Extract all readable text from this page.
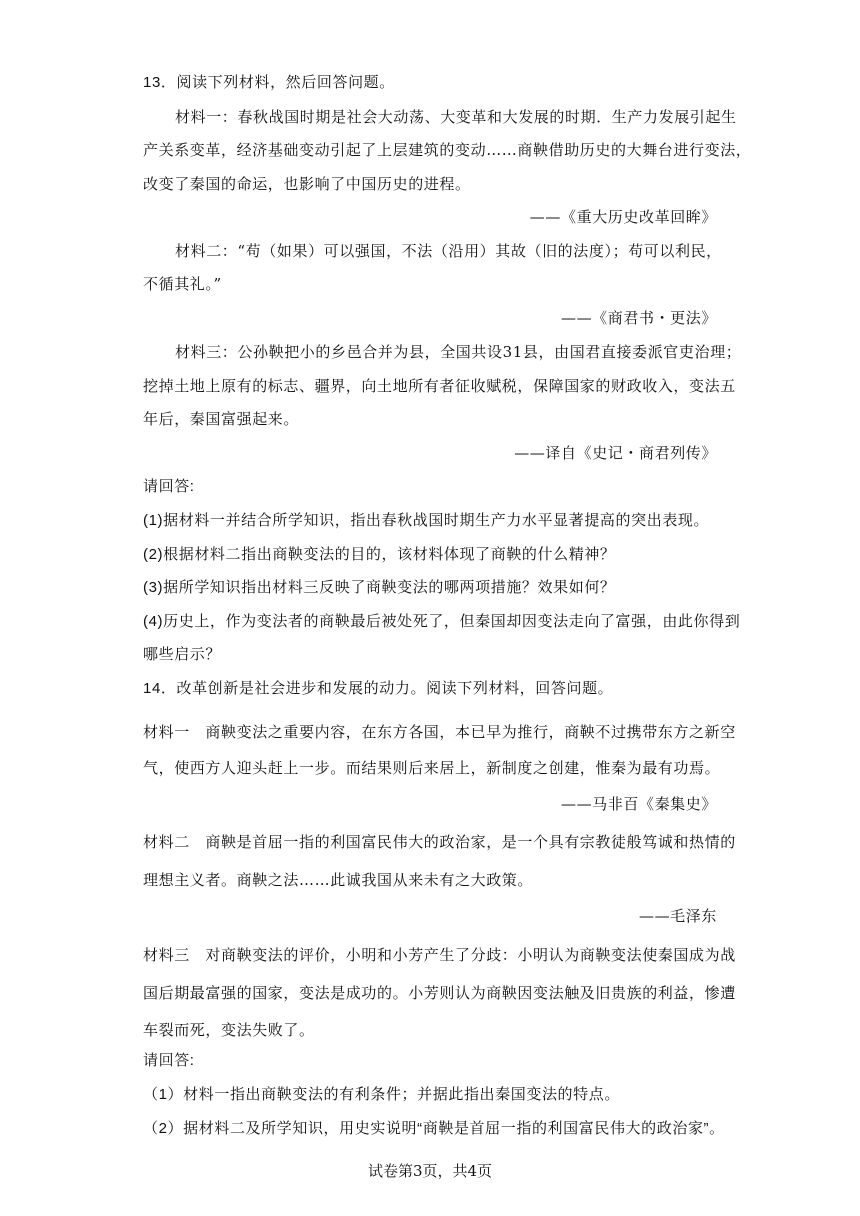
13．阅读下列材料，然后回答问题。
材料一：春秋战国时期是社会大动荡、大变革和大发展的时期．生产力发展引起生
产关系变革，经济基础变动引起了上层建筑的变动……商鞅借助历史的大舞台进行变法，
改变了秦国的命运，也影响了中国历史的进程。
——《重大历史改革回眸》
材料二：“苟（如果）可以强国，不法（沿用）其故（旧的法度）；苟可以利民，
不循其礼。”
——《商君书・更法》
材料三：公孙鞅把小的乡邑合并为县，全国共设31县，由国君直接委派官吏治理；
挖掉土地上原有的标志、疆界，向土地所有者征收赋税，保障国家的财政收入，变法五
年后，秦国富强起来。
——译自《史记・商君列传》
请回答:
(1)据材料一并结合所学知识，指出春秋战国时期生产力水平显著提高的突出表现。
(2)根据材料二指出商鞅变法的目的，该材料体现了商鞅的什么精神？
(3)据所学知识指出材料三反映了商鞅变法的哪两项措施？效果如何？
(4)历史上，作为变法者的商鞅最后被处死了，但秦国却因变法走向了富强，由此你得到
哪些启示？
14．改革创新是社会进步和发展的动力。阅读下列材料，回答问题。
材料一　商鞅变法之重要内容，在东方各国，本已早为推行，商鞅不过携带东方之新空
气，使西方人迎头赶上一步。而结果则后来居上，新制度之创建，惟秦为最有功焉。
——马非百《秦集史》
材料二　商鞅是首屈一指的利国富民伟大的政治家，是一个具有宗教徒般笃诚和热情的
理想主义者。商鞅之法……此诚我国从来未有之大政策。
——毛泽东
材料三　对商鞅变法的评价，小明和小芳产生了分歧：小明认为商鞅变法使秦国成为战
国后期最富强的国家，变法是成功的。小芳则认为商鞅因变法触及旧贵族的利益，惨遭
车裂而死，变法失败了。
请回答:
（1）材料一指出商鞅变法的有利条件；并据此指出秦国变法的特点。
（2）据材料二及所学知识，用史实说明“商鞅是首屈一指的利国富民伟大的政治家”。
试卷第3页，共4页
